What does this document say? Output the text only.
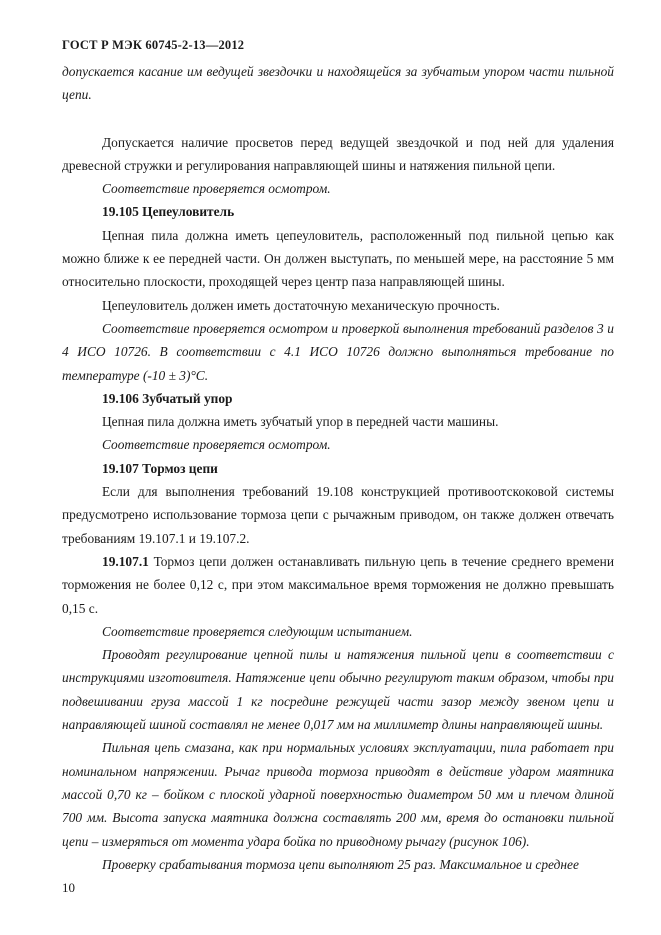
ГОСТ Р МЭК 60745-2-13—2012

допускается касание им ведущей звездочки и находящейся за зубчатым упором части пильной цепи.

Допускается наличие просветов перед ведущей звездочкой и под ней для удаления древесной стружки и регулирования направляющей шины и натяжения пильной цепи.

Соответствие проверяется осмотром.

19.105 Цепеуловитель

Цепная пила должна иметь цепеуловитель, расположенный под пильной цепью как можно ближе к ее передней части. Он должен выступать, по меньшей мере, на расстояние 5 мм относительно плоскости, проходящей через центр паза направляющей шины.

Цепеуловитель должен иметь достаточную механическую прочность.

Соответствие проверяется осмотром и проверкой выполнения требований разделов 3 и 4 ИСО 10726. В соответствии с 4.1 ИСО 10726 должно выполняться требование по температуре (-10 ± 3)°С.

19.106 Зубчатый упор

Цепная пила должна иметь зубчатый упор в передней части машины.

Соответствие проверяется осмотром.

19.107 Тормоз цепи

Если для выполнения требований 19.108 конструкцией противоотскоковой системы предусмотрено использование тормоза цепи с рычажным приводом, он также должен отвечать требованиям 19.107.1 и 19.107.2.

19.107.1 Тормоз цепи должен останавливать пильную цепь в течение среднего времени торможения не более 0,12 с, при этом максимальное время торможения не должно превышать 0,15 с.

Соответствие проверяется следующим испытанием.

Проводят регулирование цепной пилы и натяжения пильной цепи в соответствии с инструкциями изготовителя. Натяжение цепи обычно регулируют таким образом, чтобы при подвешивании груза массой 1 кг посредине режущей части зазор между звеном цепи и направляющей шиной составлял не менее 0,017 мм на миллиметр длины направляющей шины.

Пильная цепь смазана, как при нормальных условиях эксплуатации, пила работает при номинальном напряжении. Рычаг привода тормоза приводят в действие ударом маятника массой 0,70 кг – бойком с плоской ударной поверхностью диаметром 50 мм и плечом длиной 700 мм. Высота запуска маятника должна составлять 200 мм, время до остановки пильной цепи – измеряться от момента удара бойка по приводному рычагу (рисунок 106).

Проверку срабатывания тормоза цепи выполняют 25 раз. Максимальное и среднее

10
